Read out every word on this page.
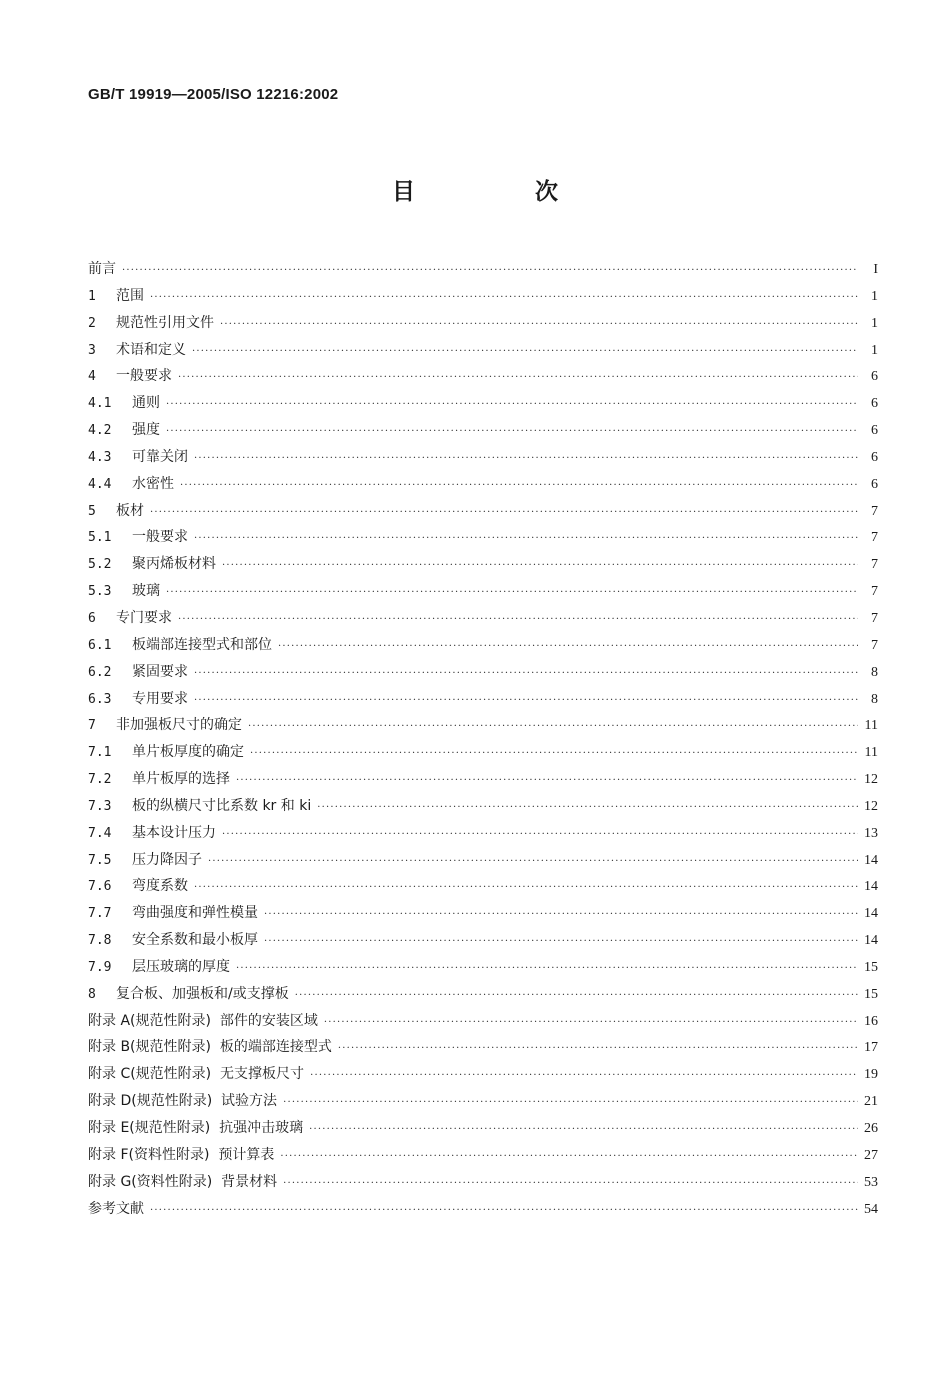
GB/T 19919—2005/ISO 12216:2002
目 次
前言 ·····	I
1	范围 ·····	1
2	规范性引用文件 ·····	1
3	术语和定义 ·····	1
4	一般要求 ·····	6
4.1	通则 ·····	6
4.2	强度 ·····	6
4.3	可靠关闭 ·····	6
4.4	水密性 ·····	6
5	板材 ·····	7
5.1	一般要求 ·····	7
5.2	聚丙烯板材料 ·····	7
5.3	玻璃 ·····	7
6	专门要求 ·····	7
6.1	板端部连接型式和部位 ·····	7
6.2	紧固要求 ·····	8
6.3	专用要求 ·····	8
7	非加强板尺寸的确定 ·····	11
7.1	单片板厚度的确定 ·····	11
7.2	单片板厚的选择 ·····	12
7.3	板的纵横尺寸比系数 kr 和 ki ·····	12
7.4	基本设计压力 ·····	13
7.5	压力降因子 ·····	14
7.6	弯度系数 ·····	14
7.7	弯曲强度和弹性模量 ·····	14
7.8	安全系数和最小板厚 ·····	14
7.9	层压玻璃的厚度 ·····	15
8	复合板、加强板和/或支撑板 ·····	15
附录 A(规范性附录)  部件的安装区域 ·····	16
附录 B(规范性附录)  板的端部连接型式 ·····	17
附录 C(规范性附录)  无支撑板尺寸 ·····	19
附录 D(规范性附录)  试验方法 ·····	21
附录 E(规范性附录)  抗强冲击玻璃 ·····	26
附录 F(资料性附录)  预计算表 ·····	27
附录 G(资料性附录)  背景材料 ·····	53
参考文献 ·····	54
